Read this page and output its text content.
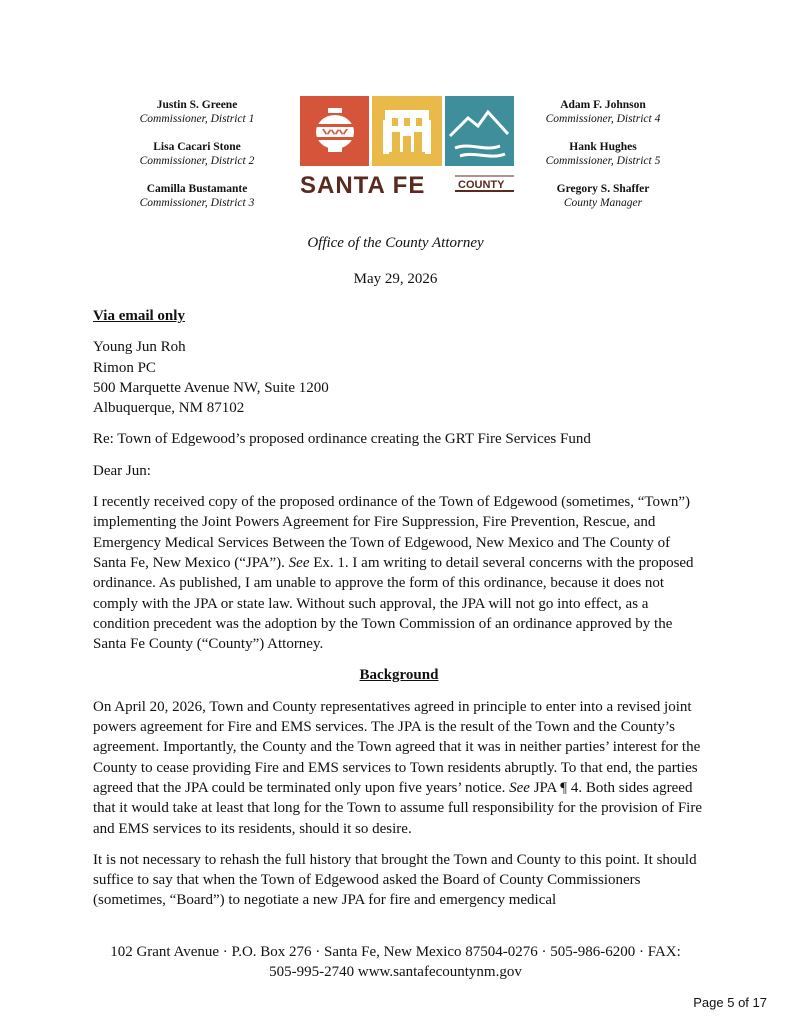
Justin S. Greene
Commissioner, District 1
Lisa Cacari Stone
Commissioner, District 2
Camilla Bustamante
Commissioner, District 3
SANTA FE	COUNTY
Adam F. Johnson
Commissioner, District 4
Hank Hughes
Commissioner, District 5
Gregory S. Shaffer
County Manager
Office of the County Attorney
May 29, 2026

Via email only

Young Jun Roh
Rimon PC
500 Marquette Avenue NW, Suite 1200
Albuquerque, NM 87102

Re: Town of Edgewood’s proposed ordinance creating the GRT Fire Services Fund

Dear Jun:

I recently received copy of the proposed ordinance of the Town of Edgewood (sometimes, “Town”) implementing the Joint Powers Agreement for Fire Suppression, Fire Prevention, Rescue, and Emergency Medical Services Between the Town of Edgewood, New Mexico and The County of Santa Fe, New Mexico (“JPA”). See Ex. 1. I am writing to detail several concerns with the proposed ordinance. As published, I am unable to approve the form of this ordinance, because it does not comply with the JPA or state law. Without such approval, the JPA will not go into effect, as a condition precedent was the adoption by the Town Commission of an ordinance approved by the Santa Fe County (“County”) Attorney.

Background

On April 20, 2026, Town and County representatives agreed in principle to enter into a revised joint powers agreement for Fire and EMS services. The JPA is the result of the Town and the County’s agreement. Importantly, the County and the Town agreed that it was in neither parties’ interest for the County to cease providing Fire and EMS services to Town residents abruptly. To that end, the parties agreed that the JPA could be terminated only upon five years’ notice. See JPA ¶ 4. Both sides agreed that it would take at least that long for the Town to assume full responsibility for the provision of Fire and EMS services to its residents, should it so desire.

It is not necessary to rehash the full history that brought the Town and County to this point. It should suffice to say that when the Town of Edgewood asked the Board of County Commissioners (sometimes, “Board”) to negotiate a new JPA for fire and emergency medical

102 Grant Avenue · P.O. Box 276 · Santa Fe, New Mexico 87504-0276 · 505-986-6200 · FAX:
505-995-2740 www.santafecountynm.gov
Page 5 of 17
